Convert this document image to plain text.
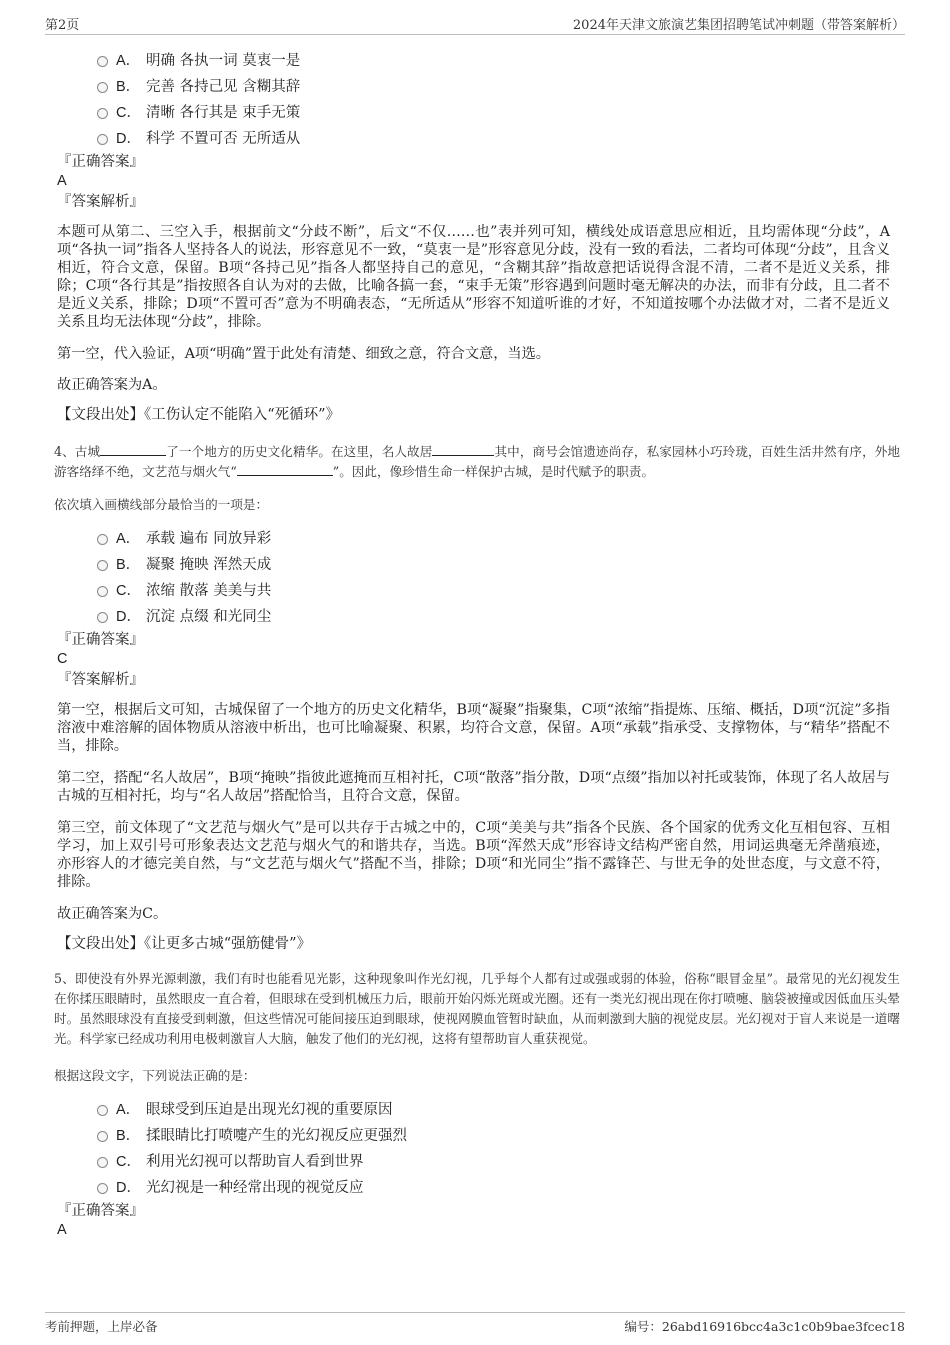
第2页	2024年天津文旅演艺集团招聘笔试冲刺题（带答案解析）
A． 明确 各执一词 莫衷一是
B． 完善 各持己见 含糊其辞
C． 清晰 各行其是 束手无策
D． 科学 不置可否 无所适从
『正确答案』
A
『答案解析』
本题可从第二、三空入手，根据前文“分歧不断”，后文“不仅……也”表并列可知，横线处成语意思应相近，且均需体现“分歧”，A项“各执一词”指各人坚持各人的说法，形容意见不一致，“莫衷一是”形容意见分歧，没有一致的看法，二者均可体现“分歧”，且含义相近，符合文意，保留。B项“各持己见”指各人都坚持自己的意见，“含糊其辞”指故意把话说得含混不清，二者不是近义关系，排除；C项“各行其是”指按照各自认为对的去做，比喻各搞一套，“束手无策”形容遇到问题时毫无解决的办法，而非有分歧，且二者不是近义关系，排除；D项“不置可否”意为不明确表态，“无所适从”形容不知道听谁的才好，不知道按哪个办法做才对，二者不是近义关系且均无法体现“分歧”，排除。
第一空，代入验证，A项“明确”置于此处有清楚、细致之意，符合文意，当选。
故正确答案为A。
【文段出处】《工伤认定不能陷入“死循环”》
4、古城	了一个地方的历史文化精华。在这里，名人故居	其中，商号会馆遗迹尚存，私家园林小巧玲珑，百姓生活井然有序，外地游客络绎不绝，文艺范与烟火气“	”。因此，像珍惜生命一样保护古城，是时代赋予的职责。
依次填入画横线部分最恰当的一项是：
A． 承载 遍布 同放异彩
B． 凝聚 掩映 浑然天成
C． 浓缩 散落 美美与共
D． 沉淀 点缀 和光同尘
『正确答案』
C
『答案解析』
第一空，根据后文可知，古城保留了一个地方的历史文化精华，B项“凝聚”指聚集，C项“浓缩”指提炼、压缩、概括，D项“沉淀”多指溶液中难溶解的固体物质从溶液中析出，也可比喻凝聚、积累，均符合文意，保留。A项“承载”指承受、支撑物体，与“精华”搭配不当，排除。
第二空，搭配“名人故居”，B项“掩映”指彼此遮掩而互相衬托，C项“散落”指分散，D项“点缀”指加以衬托或装饰，体现了名人故居与古城的互相衬托，均与“名人故居”搭配恰当，且符合文意，保留。
第三空，前文体现了“文艺范与烟火气”是可以共存于古城之中的，C项“美美与共”指各个民族、各个国家的优秀文化互相包容、互相学习，加上双引号可形象表达文艺范与烟火气的和谐共存，当选。B项“浑然天成”形容诗文结构严密自然，用词运典毫无斧凿痕迹，亦形容人的才德完美自然，与“文艺范与烟火气”搭配不当，排除；D项“和光同尘”指不露锋芒、与世无争的处世态度，与文意不符，排除。
故正确答案为C。
【文段出处】《让更多古城“强筋健骨”》
5、即使没有外界光源刺激，我们有时也能看见光影，这种现象叫作光幻视，几乎每个人都有过或强或弱的体验，俗称“眼冒金星”。最常见的光幻视发生在你揉压眼睛时，虽然眼皮一直合着，但眼球在受到机械压力后，眼前开始闪烁光斑或光圈。还有一类光幻视出现在你打喷嚏、脑袋被撞或因低血压头晕时。虽然眼球没有直接受到刺激，但这些情况可能间接压迫到眼球，使视网膜血管暂时缺血，从而刺激到大脑的视觉皮层。光幻视对于盲人来说是一道曙光。科学家已经成功利用电极刺激盲人大脑，触发了他们的光幻视，这将有望帮助盲人重获视觉。
根据这段文字，下列说法正确的是：
A． 眼球受到压迫是出现光幻视的重要原因
B． 揉眼睛比打喷嚏产生的光幻视反应更强烈
C． 利用光幻视可以帮助盲人看到世界
D． 光幻视是一种经常出现的视觉反应
『正确答案』
A
考前押题，上岸必备	编号：26abd16916bcc4a3c1c0b9bae3fcec18
